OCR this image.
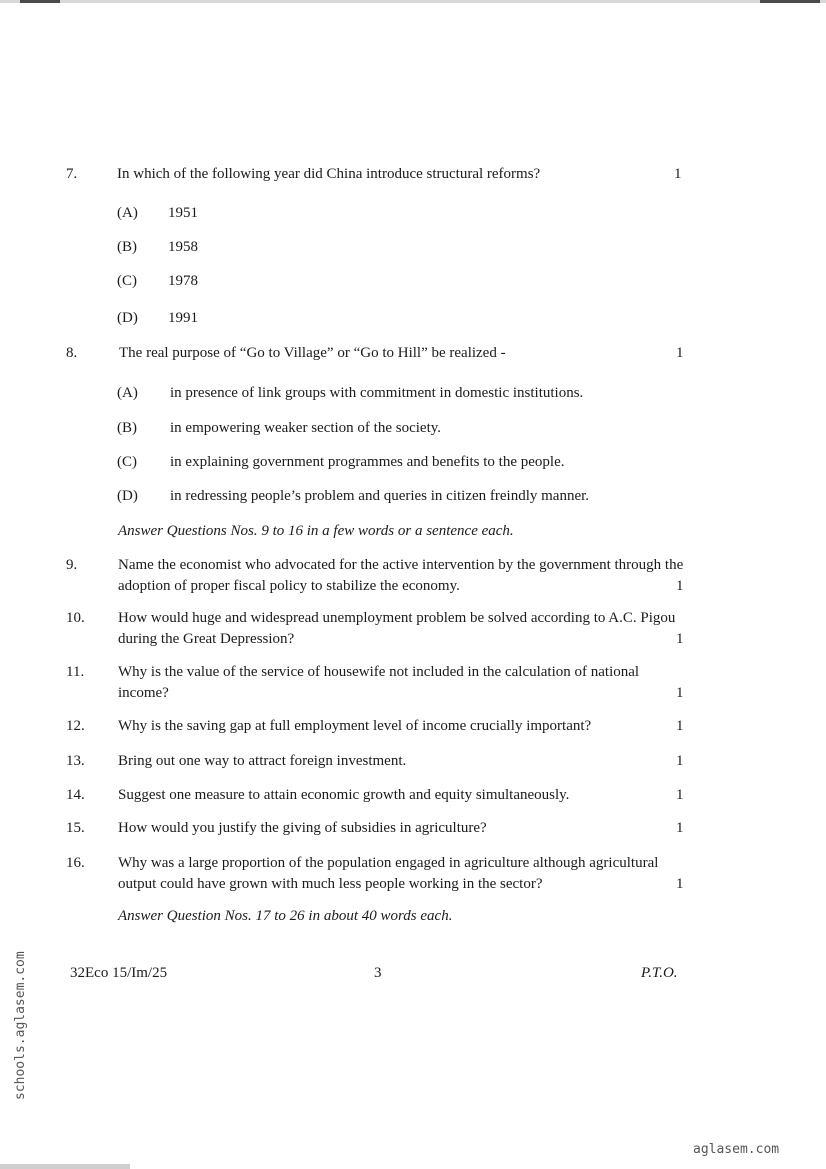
7.	In which of the following year did China introduce structural reforms?	1
(A) 1951
(B) 1958
(C) 1978
(D) 1991
8.	The real purpose of “Go to Village” or “Go to Hill” be realized -	1
(A) in presence of link groups with commitment in domestic institutions.
(B) in empowering weaker section of the society.
(C) in explaining government programmes and benefits to the people.
(D) in redressing people’s problem and queries in citizen freindly manner.
Answer Questions Nos. 9 to 16 in a few words or a sentence each.
9.	Name the economist who advocated for the active intervention by the government through the adoption of proper fiscal policy to stabilize the economy.	1
10. How would huge and widespread unemployment problem be solved according to A.C. Pigou during the Great Depression?	1
11. Why is the value of the service of housewife not included in the calculation of national income?	1
12. Why is the saving gap at full employment level of income crucially important?	1
13. Bring out one way to attract foreign investment.	1
14. Suggest one measure to attain economic growth and equity simultaneously.	1
15. How would you justify the giving of subsidies in agriculture?	1
16. Why was a large proportion of the population engaged in agriculture although agricultural output could have grown with much less people working in the sector?	1
Answer Question Nos. 17 to 26 in about 40 words each.
32Eco 15/Im/25	3	P.T.O.
schools.aglasem.com
aglasem.com
